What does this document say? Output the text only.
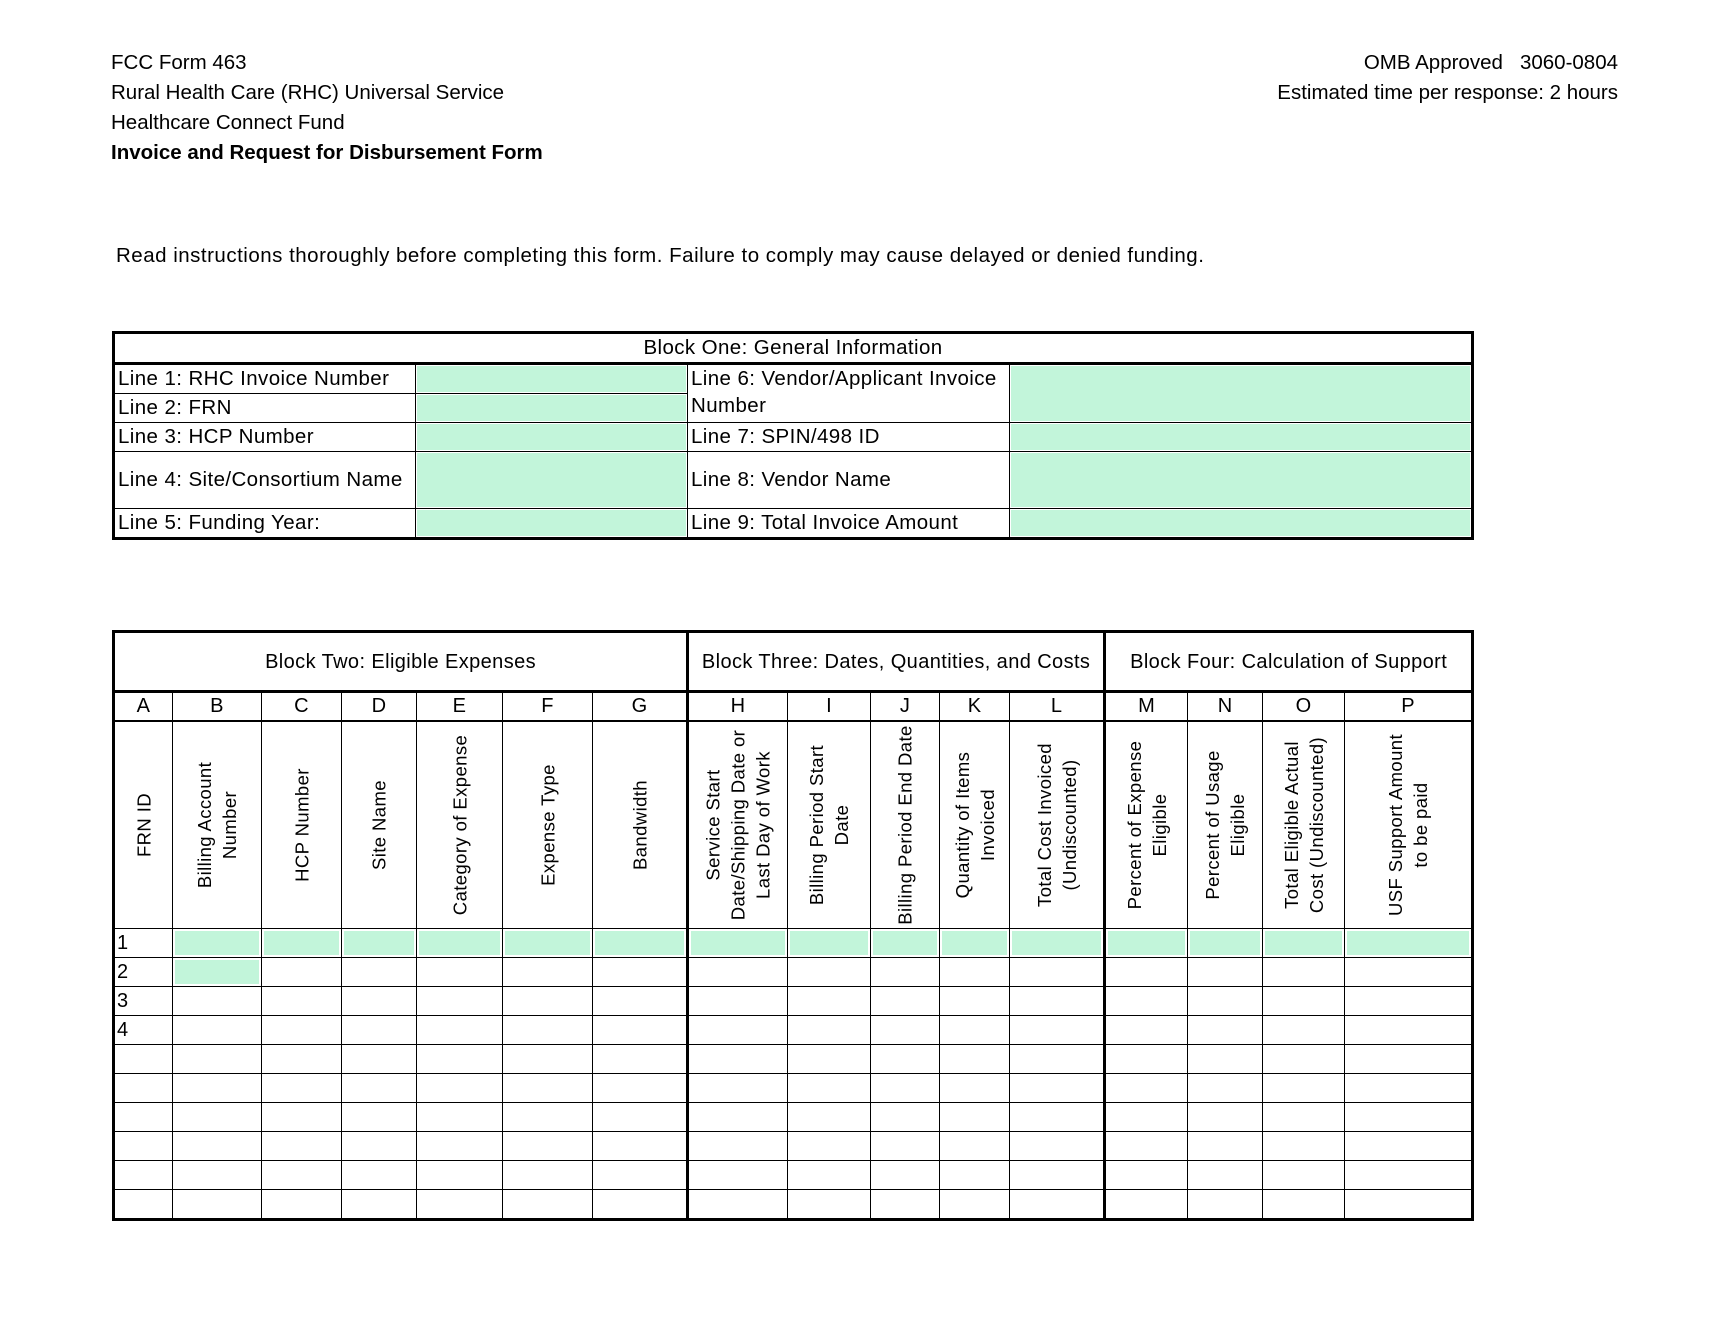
FCC Form 463
Rural Health Care (RHC) Universal Service
Healthcare Connect Fund
Invoice and Request for Disbursement Form
OMB Approved   3060-0804
Estimated time per response: 2 hours
Read instructions thoroughly before completing this form. Failure to comply may cause delayed or denied funding.
Block One: General Information			
Line 1: RHC Invoice Number		Line 6: Vendor/Applicant Invoice Number	
Line 2: FRN			
Line 3: HCP Number		Line 7: SPIN/498 ID	
Line 4: Site/Consortium Name		Line 8: Vendor Name	
Line 5: Funding Year:		Line 9: Total Invoice Amount	
Block Two: Eligible Expenses							Block Three: Dates, Quantities, and Costs					Block Four: Calculation of Support			
A	B	C	D	E	F	G	H	I	J	K	L	M	N	O	P

FRN ID	Billing Account Number	HCP Number	Site Name	Category of Expense	Expense Type	Bandwidth	Service Start Date/Shipping Date or Last Day of Work	Billing Period Start Date	Billing Period End Date	Quantity of Items Invoiced	Total Cost Invoiced (Undiscounted)	Percent of Expense Eligible	Percent of Usage Eligible	Total Eligible Actual Cost (Undiscounted)	USF Support Amount to be paid

1															
2															
3															
4															
